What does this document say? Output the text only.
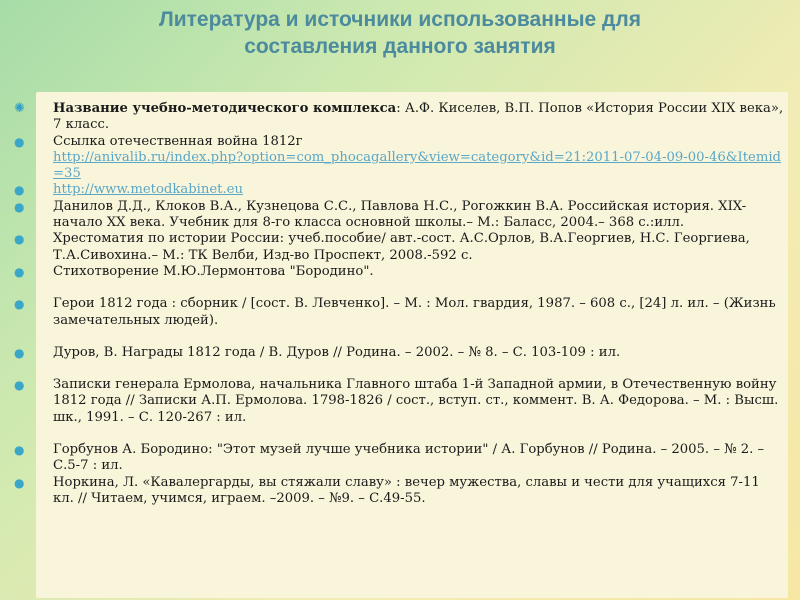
Литература и источники использованные для
составления данного занятия
✺ Название учебно-методического комплекса: А.Ф. Киселев, В.П. Попов «История России XIX века», 7 класс.
● Ссылка отечественная война 1812г
http://anivalib.ru/index.php?option=com_phocagallery&view=category&id=21:2011-07-04-09-00-46&Itemid=35
● http://www.metodkabinet.eu
● Данилов Д.Д., Клоков В.А., Кузнецова С.С., Павлова Н.С., Рогожкин В.А. Российская история. XIX-начало XX века. Учебник для 8-го класса основной школы.– М.: Баласс, 2004.– 368 с.:илл.
● Хрестоматия по истории России: учеб.пособие/ авт.-сост. А.С.Орлов, В.А.Георгиев, Н.С. Георгиева, Т.А.Сивохина.– М.: ТК Велби, Изд-во Проспект, 2008.-592 с.
● Стихотворение М.Ю.Лермонтова "Бородино".
● Герои 1812 года : сборник / [сост. В. Левченко]. – М. : Мол. гвардия, 1987. – 608 с., [24] л. ил. – (Жизнь замечательных людей).
● Дуров, В. Награды 1812 года / В. Дуров // Родина. – 2002. – № 8. – С. 103-109 : ил.
● Записки генерала Ермолова, начальника Главного штаба 1-й Западной армии, в Отечественную войну 1812 года // Записки А.П. Ермолова. 1798-1826 / сост., вступ. ст., коммент. В. А. Федорова. – М. : Высш. шк., 1991. – С. 120-267 : ил.
● Горбунов А. Бородино: "Этот музей лучше учебника истории" / А. Горбунов // Родина. – 2005. – № 2. – С.5-7 : ил.
● Норкина, Л. «Кавалергарды, вы стяжали славу» : вечер мужества, славы и чести для учащихся 7-11 кл. // Читаем, учимся, играем. –2009. – №9. – С.49-55.
